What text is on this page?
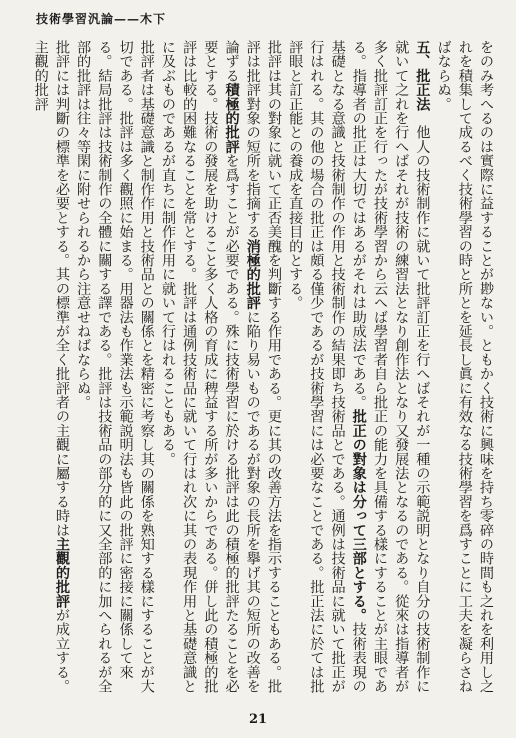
技術學習汎論——木下

をのみ考へるのは實際に益することが尠ない。ともかく技術に興味を持ち零碎の時間も之れを利用し之れを積集して成るべく技術學習の時と所とを延長し眞に有效なる技術學習を爲すことに工夫を凝らさねばならぬ。

五、批正法　他人の技術制作に就いて批評訂正を行へばそれが一種の示範説明となり自分の技術制作に就いて之れを行へばそれが技術の練習法となり創作法となり又發展法となるのである。從來は指導者が多く批評訂正を行ったが技術學習から云へば學習者自ら批正の能力を具備する樣にすることが主眼である。指導者の批正は大切ではあるがそれは助成法である。批正の對象は分って三部とする。技術表現の基礎となる意識と技術制作の作用と技術制作の結果即ち技術品とである。通例は技術品に就いて批正が行はれる。其の他の場合の批正は頗る僅少であるが技術學習には必要なことである。批正法に於ては批評眼と訂正能との養成を直接目的とする。

批評は其の對象に就いて正否美醜を判斷する作用である。更に其の改善方法を指示することもある。批評は批評對象の短所を指摘する消極的批評に陥り易いものであるが對象の長所を擧げ其の短所の改善を論ずる積極的批評を爲すことが必要である。殊に技術學習に於ける批評は此の積極的批評たることを必要とする。技術の發展を助けること多く人格の育成に稗益する所が多いからである。併し此の積極的批評は比較的困難なることを常とする。批評は通例技術品に就いて行はれ次に其の表現作用と基礎意識とに及ぶものであるが直ちに制作作用に就いて行はれることもある。

批評者は基礎意識と制作作用と技術品との關係とを精密に考察し其の關係を熟知する樣にすることが大切である。批評は多く觀照に始まる。用器法も作業法も示範説明法も皆此の批評に密接に關係して來る。結局批評は技術制作の全體に關する譯である。批評は技術品の部分的に又全部的に加へられるが全部的批評は往々等閑に附せられるから注意せねばならぬ。

批評には判斷の標準を必要とする。其の標準が全く批評者の主觀に屬する時は主觀的批評が成立する。主觀的批評

21
